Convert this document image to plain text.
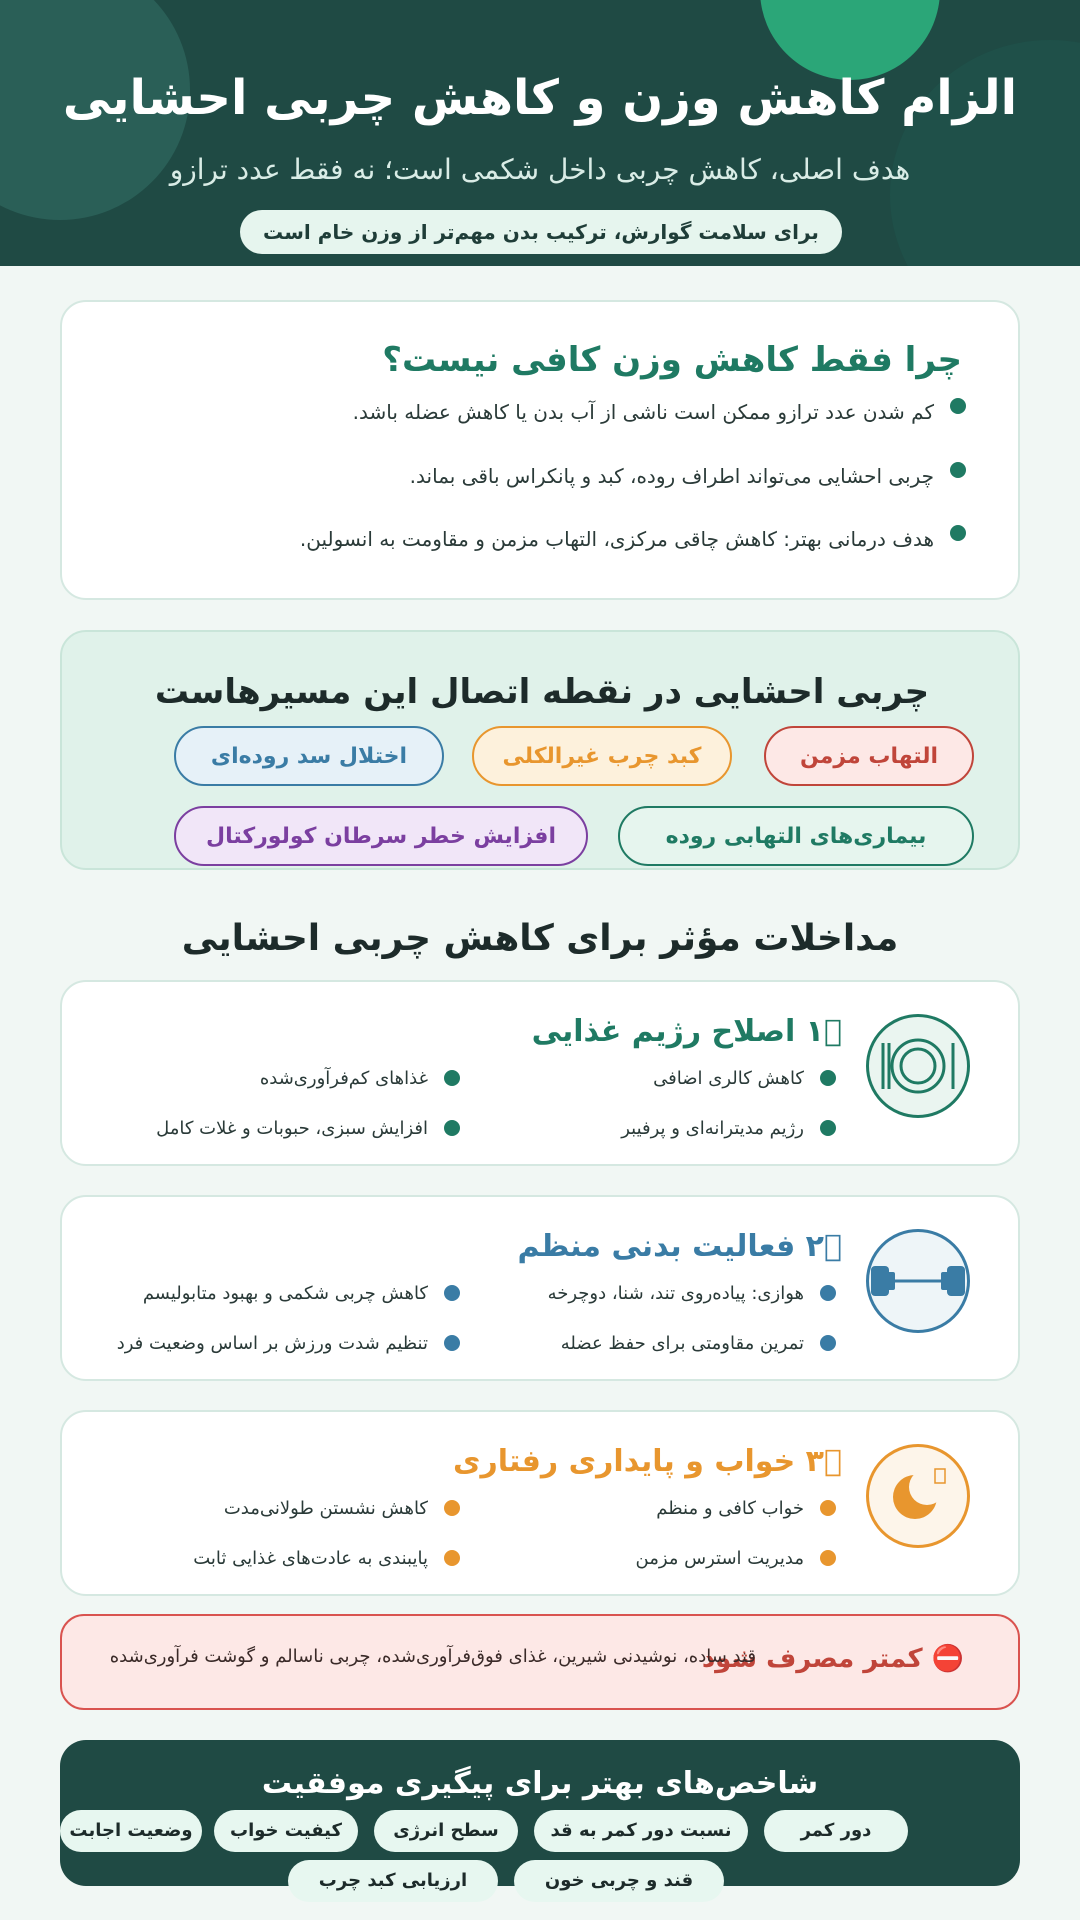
الزام کاهش وزن و کاهش چربی احشایی
هدف اصلی، کاهش چربی داخل شکمی است؛ نه فقط عدد ترازو
برای سلامت گوارش، ترکیب بدن مهم‌تر از وزن خام است
چرا فقط کاهش وزن کافی نیست؟
کم شدن عدد ترازو ممکن است ناشی از آب بدن یا کاهش عضله باشد.
چربی احشایی می‌تواند اطراف روده، کبد و پانکراس باقی بماند.
هدف درمانی بهتر: کاهش چاقی مرکزی، التهاب مزمن و مقاومت به انسولین.
چربی احشایی در نقطه اتصال این مسیرهاست
التهاب مزمن
کبد چرب غیرالکلی
اختلال سد روده‌ای
بیماری‌های التهابی روده
افزایش خطر سرطان کولورکتال
مداخلات مؤثر برای کاهش چربی احشایی
۱️⃣ اصلاح رژیم غذایی
کاهش کالری اضافی
غذاهای کم‌فرآوری‌شده
رژیم مدیترانه‌ای و پرفیبر
افزایش سبزی، حبوبات و غلات کامل
۲️⃣ فعالیت بدنی منظم
هوازی: پیاده‌روی تند، شنا، دوچرخه
کاهش چربی شکمی و بهبود متابولیسم
تمرین مقاومتی برای حفظ عضله
تنظیم شدت ورزش بر اساس وضعیت فرد
۳️⃣ خواب و پایداری رفتاری
خواب کافی و منظم
کاهش نشستن طولانی‌مدت
مدیریت استرس مزمن
پایبندی به عادت‌های غذایی ثابت
⛔ کمتر مصرف شود
قند ساده، نوشیدنی شیرین، غذای فوق‌فرآوری‌شده، چربی ناسالم و گوشت فرآوری‌شده
شاخص‌های بهتر برای پیگیری موفقیت
دور کمر
نسبت دور کمر به قد
سطح انرژی
کیفیت خواب
وضعیت اجابت
قند و چربی خون
ارزیابی کبد چرب
